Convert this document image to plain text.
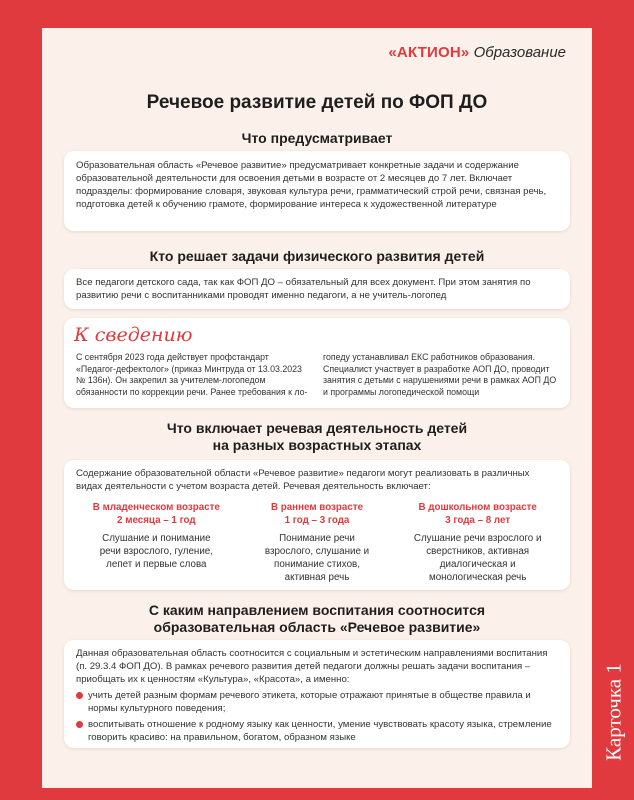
«АКТИОН» Образование
Речевое развитие детей по ФОП ДО
Что предусматривает

Образовательная область «Речевое развитие» предусматривает конкретные задачи и содержание образовательной деятельности для освоения детьми в возрасте от 2 месяцев до 7 лет. Включает подразделы: формирование словаря, звуковая культура речи, грамматический строй речи, связная речь, подготовка детей к обучению грамоте, формирование интереса к художественной литературе

Кто решает задачи физического развития детей

Все педагоги детского сада, так как ФОП ДО – обязательный для всех документ. При этом занятия по развитию речи с воспитанниками проводят именно педагоги, а не учитель-логопед

К сведению
С сентября 2023 года действует профстандарт «Педагог-дефектолог» (приказ Минтруда от 13.03.2023 № 136н). Он закрепил за учителем-логопедом обязанности по коррекции речи. Ранее требования к ло-
гопеду устанавливал ЕКС работников образования. Специалист участвует в разработке АОП ДО, проводит занятия с детьми с нарушениями речи в рамках АОП ДО и программы логопедической помощи
Что включает речевая деятельность детей
на разных возрастных этапах

Содержание образовательной области «Речевое развитие» педагоги могут реализовать в различных видах деятельности с учетом возраста детей. Речевая деятельность включает:

В младенческом возрасте
2 месяца – 1 год
Слушание и понимание речи взрослого, гуление, лепет и первые слова
В раннем возрасте
1 год – 3 года
Понимание речи взрослого, слушание и понимание стихов, активная речь
В дошкольном возрасте
3 года – 8 лет
Слушание речи взрослого и сверстников, активная диалогическая и монологическая речь
С каким направлением воспитания соотносится
образовательная область «Речевое развитие»

Данная образовательная область соотносится с социальным и эстетическим направлениями воспитания (п. 29.3.4 ФОП ДО). В рамках речевого развития детей педагоги должны решать задачи воспитания – приобщать их к ценностям «Культура», «Красота», а именно:

учить детей разным формам речевого этикета, которые отражают принятые в обществе правила и нормы культурного поведения;
воспитывать отношение к родному языку как ценности, умение чувствовать красоту языка, стремление говорить красиво: на правильном, богатом, образном языке	Карточка 1
